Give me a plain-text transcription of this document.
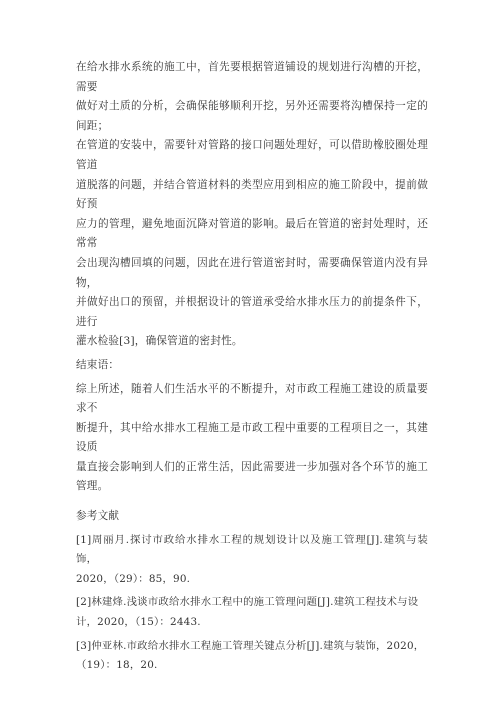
在给水排水系统的施工中，首先要根据管道铺设的规划进行沟槽的开挖，需要

做好对土质的分析，会确保能够顺利开挖，另外还需要将沟槽保持一定的间距；

在管道的安装中，需要针对管路的接口问题处理好，可以借助橡胶圈处理管道

道脱落的问题，并结合管道材料的类型应用到相应的施工阶段中，提前做好预

应力的管理，避免地面沉降对管道的影响。最后在管道的密封处理时，还常常

会出现沟槽回填的问题，因此在进行管道密封时，需要确保管道内没有异物，

并做好出口的预留，并根据设计的管道承受给水排水压力的前提条件下，进行

灌水检验[3]，确保管道的密封性。

结束语：

综上所述，随着人们生活水平的不断提升，对市政工程施工建设的质量要求不

断提升，其中给水排水工程施工是市政工程中重要的工程项目之一，其建设质

量直接会影响到人们的正常生活，因此需要进一步加强对各个环节的施工管理。

参考文献

[1]周丽月.探讨市政给水排水工程的规划设计以及施工管理[J].建筑与装饰，
2020，（29）：85，90.

[2]林建烽.浅谈市政给水排水工程中的施工管理问题[J].建筑工程技术与设
计，2020，（15）：2443.

[3]仲亚林.市政给水排水工程施工管理关键点分析[J].建筑与装饰，2020，
（19）：18，20.
